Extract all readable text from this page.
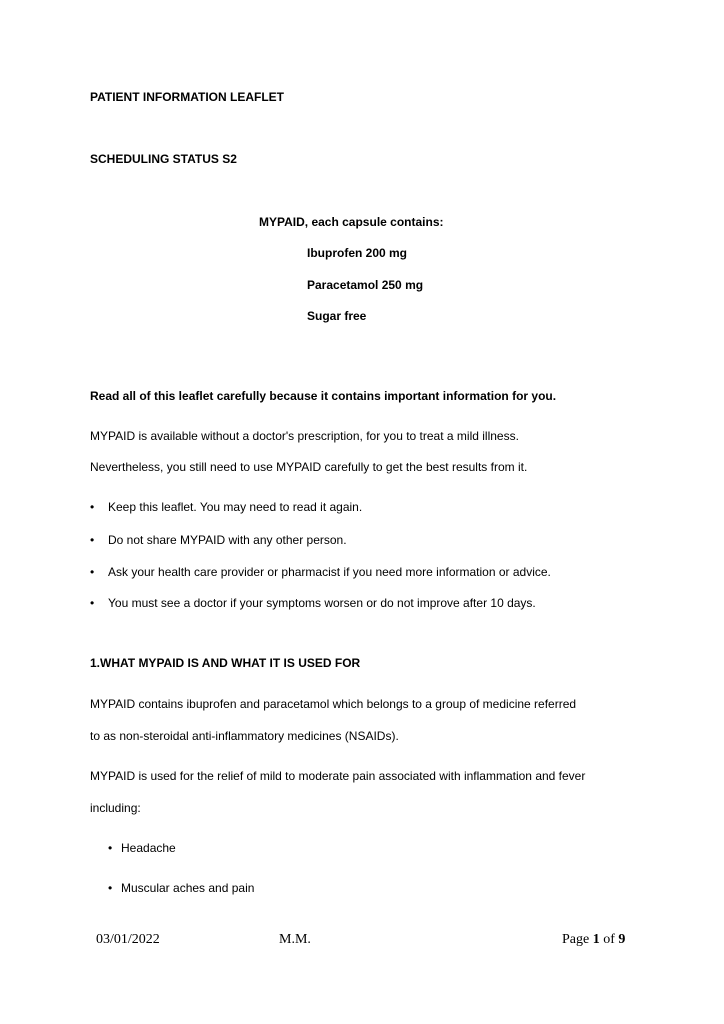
PATIENT INFORMATION LEAFLET
SCHEDULING STATUS S2
MYPAID, each capsule contains:
Ibuprofen 200 mg
Paracetamol 250 mg
Sugar free
Read all of this leaflet carefully because it contains important information for you.
MYPAID is available without a doctor's prescription, for you to treat a mild illness.
Nevertheless, you still need to use MYPAID carefully to get the best results from it.
• Keep this leaflet. You may need to read it again.
• Do not share MYPAID with any other person.
• Ask your health care provider or pharmacist if you need more information or advice.
• You must see a doctor if your symptoms worsen or do not improve after 10 days.
1.WHAT MYPAID IS AND WHAT IT IS USED FOR
MYPAID contains ibuprofen and paracetamol which belongs to a group of medicine referred
to as non-steroidal anti-inflammatory medicines (NSAIDs).
MYPAID is used for the relief of mild to moderate pain associated with inflammation and fever
including:
• Headache
• Muscular aches and pain
03/01/2022	M.M.	Page 1 of 9
